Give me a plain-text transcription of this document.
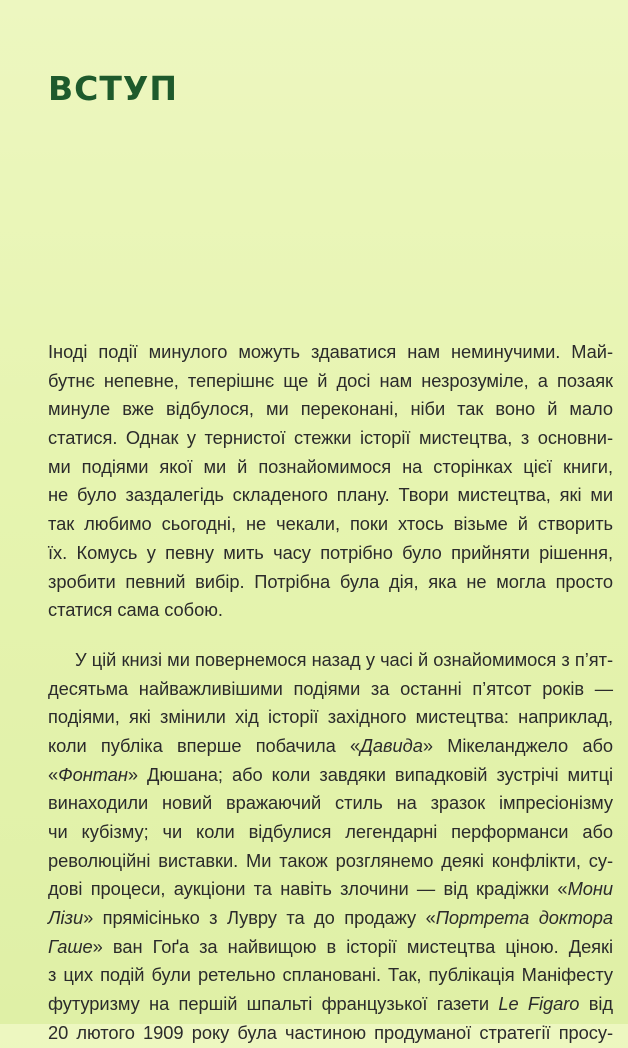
ВСТУП

Іноді події минулого можуть здаватися нам неминучими. Май-
бутнє непевне, теперішнє ще й досі нам незрозуміле, а позаяк
минуле вже відбулося, ми переконані, ніби так воно й мало
статися. Однак у тернистої стежки історії мистецтва, з основни-
ми подіями якої ми й познайомимося на сторінках цієї книги,
не було заздалегідь складеного плану. Твори мистецтва, які ми
так любимо сьогодні, не чекали, поки хтось візьме й створить
їх. Комусь у певну мить часу потрібно було прийняти рішення,
зробити певний вибір. Потрібна була дія, яка не могла просто
статися сама собою.

У цій книзі ми повернемося назад у часі й ознайомимося з п’ят-
десятьма найважливішими подіями за останні п’ятсот років —
подіями, які змінили хід історії західного мистецтва: наприклад,
коли публіка вперше побачила «Давида» Мікеланджело або
«Фонтан» Дюшана; або коли завдяки випадковій зустрічі митці
винаходили новий вражаючий стиль на зразок імпресіонізму
чи кубізму; чи коли відбулися легендарні перформанси або
революційні виставки. Ми також розглянемо деякі конфлікти, су-
дові процеси, аукціони та навіть злочини — від крадіжки «Мони
Лізи» прямісінько з Лувру та до продажу «Портрета доктора
Гаше» ван Гоґа за найвищою в історії мистецтва ціною. Деякі
з цих подій були ретельно сплановані. Так, публікація Маніфесту
футуризму на першій шпальті французької газети Le Figaro від
20 лютого 1909 року була частиною продуманої стратегії просу-
